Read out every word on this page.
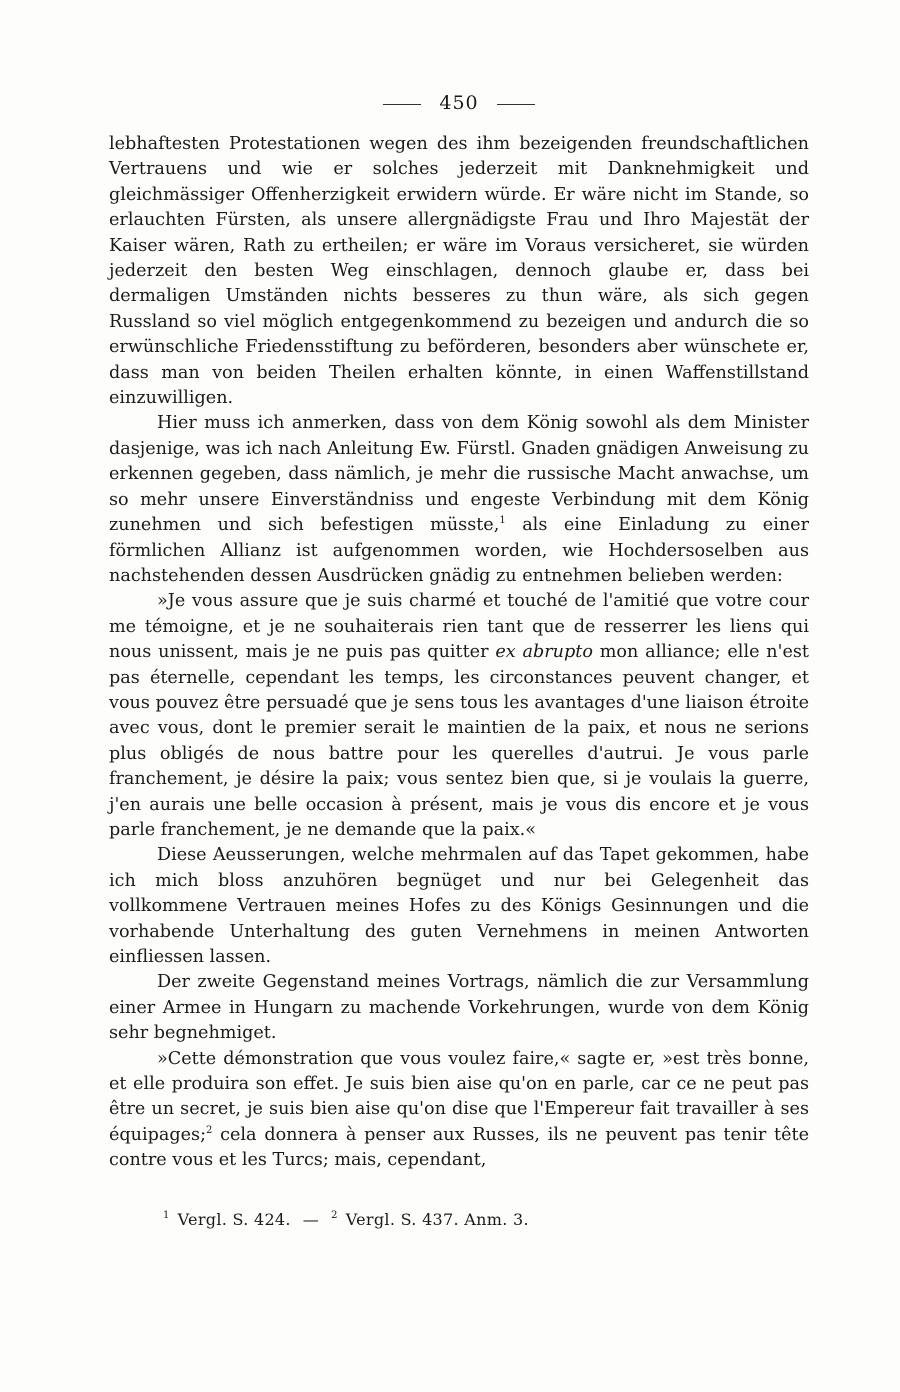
450

lebhaftesten Protestationen wegen des ihm bezeigenden freundschaftlichen Vertrauens und wie er solches jederzeit mit Danknehmigkeit und gleichmässiger Offenherzigkeit erwidern würde. Er wäre nicht im Stande, so erlauchten Fürsten, als unsere allergnädigste Frau und Ihro Majestät der Kaiser wären, Rath zu ertheilen; er wäre im Voraus versicheret, sie würden jederzeit den besten Weg einschlagen, dennoch glaube er, dass bei dermaligen Umständen nichts besseres zu thun wäre, als sich gegen Russland so viel möglich entgegenkommend zu bezeigen und andurch die so erwünschliche Friedensstiftung zu beförderen, besonders aber wünschete er, dass man von beiden Theilen erhalten könnte, in einen Waffenstillstand einzuwilligen.

Hier muss ich anmerken, dass von dem König sowohl als dem Minister dasjenige, was ich nach Anleitung Ew. Fürstl. Gnaden gnädigen Anweisung zu erkennen gegeben, dass nämlich, je mehr die russische Macht anwachse, um so mehr unsere Einverständniss und engeste Verbindung mit dem König zunehmen und sich befestigen müsste,$^1$ als eine Einladung zu einer förmlichen Allianz ist aufgenommen worden, wie Hochdersoselben aus nachstehenden dessen Ausdrücken gnädig zu entnehmen belieben werden:

»Je vous assure que je suis charmé et touché de l'amitié que votre cour me témoigne, et je ne souhaiterais rien tant que de resserrer les liens qui nous unissent, mais je ne puis pas quitter ex abrupto mon alliance; elle n'est pas éternelle, cependant les temps, les circonstances peuvent changer, et vous pouvez être persuadé que je sens tous les avantages d'une liaison étroite avec vous, dont le premier serait le maintien de la paix, et nous ne serions plus obligés de nous battre pour les querelles d'autrui. Je vous parle franchement, je désire la paix; vous sentez bien que, si je voulais la guerre, j'en aurais une belle occasion à présent, mais je vous dis encore et je vous parle franchement, je ne demande que la paix.«

Diese Aeusserungen, welche mehrmalen auf das Tapet gekommen, habe ich mich bloss anzuhören begnüget und nur bei Gelegenheit das vollkommene Vertrauen meines Hofes zu des Königs Gesinnungen und die vorhabende Unterhaltung des guten Vernehmens in meinen Antworten einfliessen lassen.

Der zweite Gegenstand meines Vortrags, nämlich die zur Versammlung einer Armee in Hungarn zu machende Vorkehrungen, wurde von dem König sehr begnehmiget.

»Cette démonstration que vous voulez faire,« sagte er, »est très bonne, et elle produira son effet. Je suis bien aise qu'on en parle, car ce ne peut pas être un secret, je suis bien aise qu'on dise que l'Empereur fait travailler à ses équipages;$^2$ cela donnera à penser aux Russes, ils ne peuvent pas tenir tête contre vous et les Turcs; mais, cependant,

$^1$ Vergl. S. 424. — $^2$ Vergl. S. 437. Anm. 3.
